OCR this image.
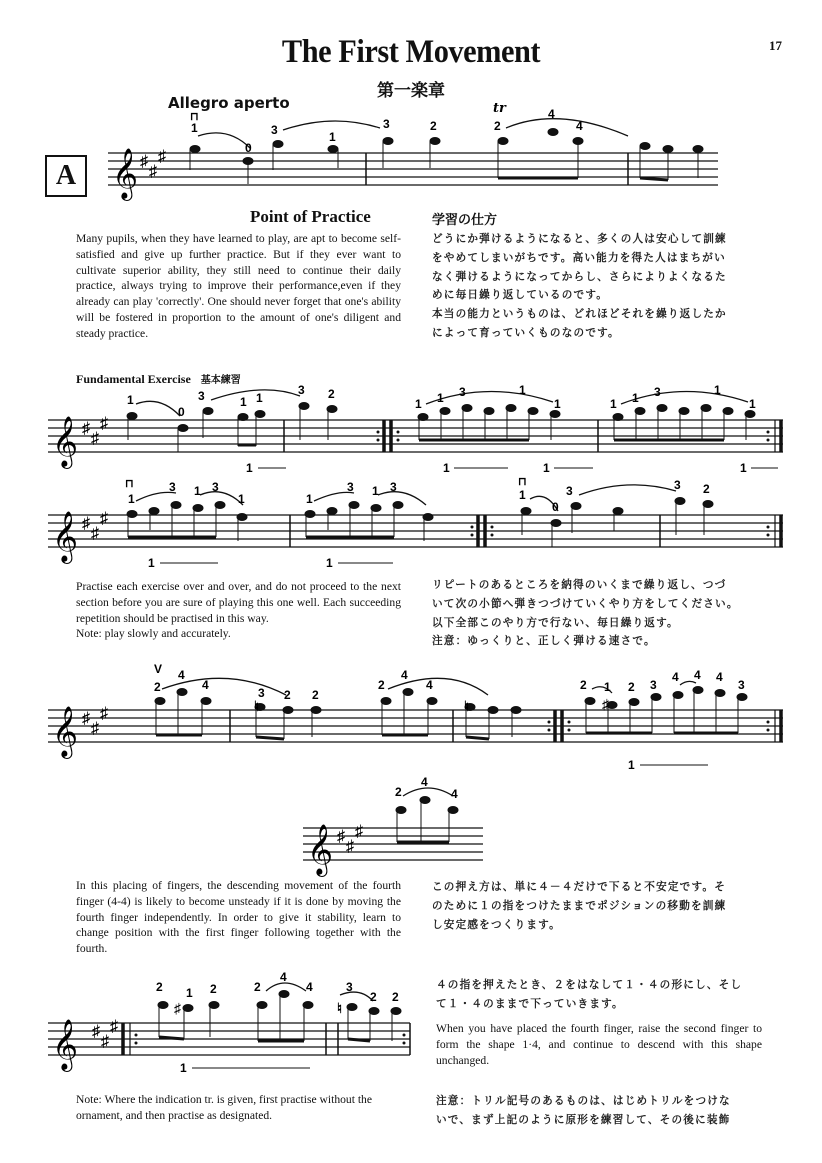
The First Movement	17
第一楽章
Allegro aperto
A 𝄞 ♯
♯
♯
1
0
3	1
3	2	2
4
4
tr
⊓
Point of Practice
Many pupils, when they have learned to play, are apt to become self-satisfied and give up further practice. But if they ever want to cultivate superior ability, they still need to continue their daily practice, always trying to improve their performance,even if they already can play 'correctly'. One should never forget that one's ability will be fostered in proportion to the amount of one's diligent and steady practice.
学習の仕方
どうにか弾けるようになると、多くの人は安心して訓練
をやめてしまいがちです。高い能力を得た人はまちがい
なく弾けるようになってからし、さらによりよくなるた
めに毎日繰り返しているのです。
本当の能力というものは、どれほどそれを繰り返したか
によって育っていくものなのです。
Fundamental Exercise 基本練習
𝄞 ♯
♯
♯
1
0
3	1 1
3 2
1 1 3	1
1	1 1 3	1
1
1	1	1	1
𝄞 ♯
♯
♯
1
3 1 3
1	1
3 1 3
1
0
3	3 2
⊓
⊓
1	1
Practise each exercise over and over, and do not proceed to the next section before you are sure of playing this one well. Each succeeding repetition should be practised in this way.
Note: play slowly and accurately.
リピートのあるところを納得のいくまで繰り返し、つづ
いて次の小節へ弾きつづけていくやり方をしてください。
以下全部このやり方で行ない、毎日繰り返す。
注意：ゆっくりと、正しく弾ける速さで。
𝄞 ♯
♯
♯
2
4
4
3 2 2
2
4
4	2 1 2 3
4 4 4
3
V
♮	♮	♯
1
𝄞 ♯
♯
♯
2
4
4
In this placing of fingers, the descending movement of the fourth finger (4-4) is likely to become unsteady if it is done by moving the fourth finger independently. In order to give it stability, learn to change position with the first finger following together with the fourth.
この押え方は、単に４－４だけで下ると不安定です。そ
のために１の指をつけたままでポジションの移動を訓練
し安定感をつくります。
𝄞 ♯
♯
♯
2 1 2	2
4
4	3
2 2
♯	♮
1
４の指を押えたとき、２をはなして１・４の形にし、そし
て１・４のままで下っていきます。
When you have placed the fourth finger, raise the second finger to form the shape 1·4, and continue to descend with this shape unchanged.
Note: Where the indication tr. is given, first practise without the ornament, and then practise as designated.
注意：トリル記号のあるものは、はじめトリルをつけな
いで、まず上記のように原形を練習して、その後に装飾
